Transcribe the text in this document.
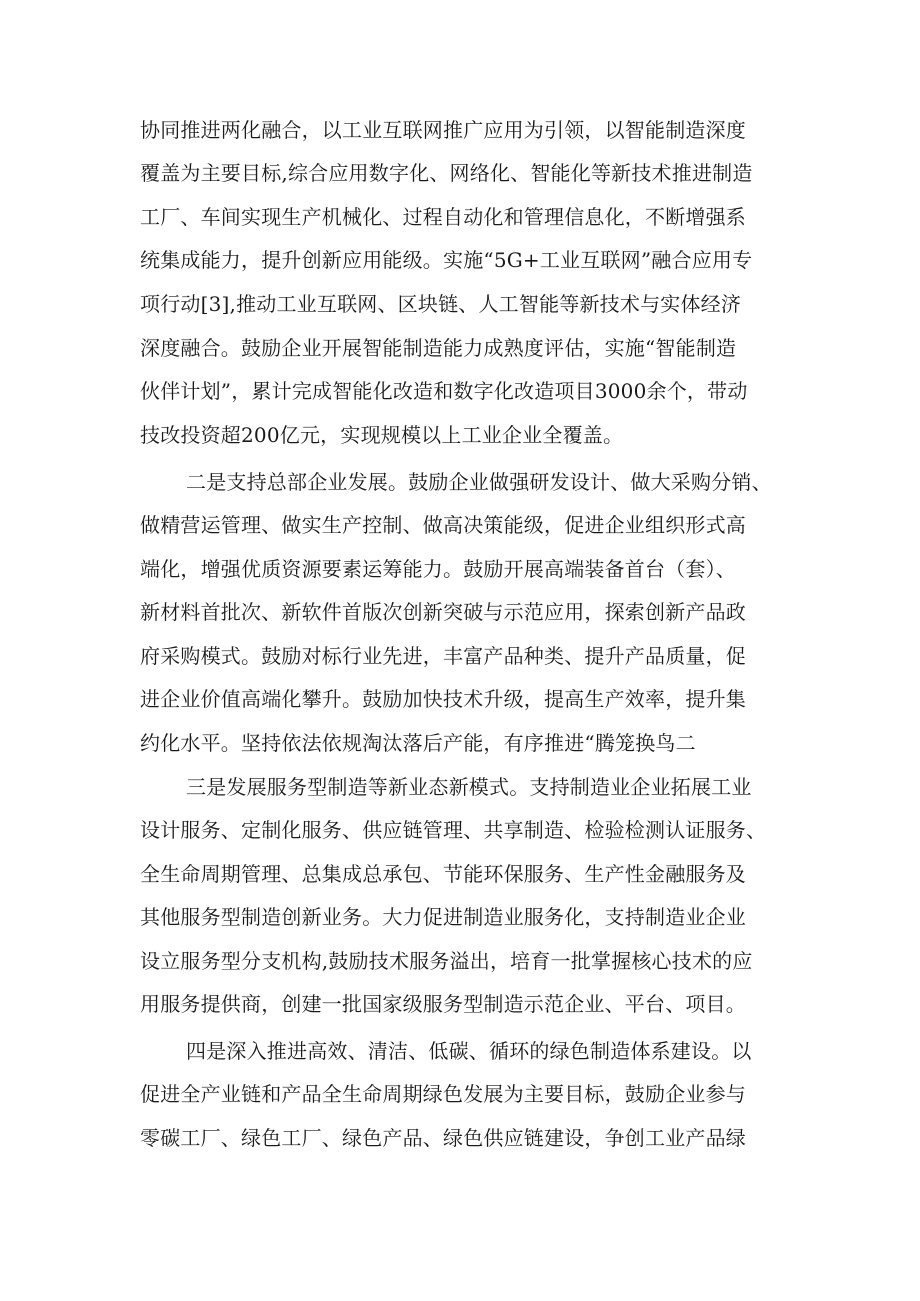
协同推进两化融合，以工业互联网推广应用为引领，以智能制造深度
覆盖为主要目标,综合应用数字化、网络化、智能化等新技术推进制造
工厂、车间实现生产机械化、过程自动化和管理信息化，不断增强系
统集成能力，提升创新应用能级。实施“5G+工业互联网”融合应用专
项行动[3],推动工业互联网、区块链、人工智能等新技术与实体经济
深度融合。鼓励企业开展智能制造能力成熟度评估，实施“智能制造
伙伴计划”，累计完成智能化改造和数字化改造项目3000余个，带动
技改投资超200亿元，实现规模以上工业企业全覆盖。
二是支持总部企业发展。鼓励企业做强研发设计、做大采购分销、
做精营运管理、做实生产控制、做高决策能级，促进企业组织形式高
端化，增强优质资源要素运筹能力。鼓励开展高端装备首台（套）、
新材料首批次、新软件首版次创新突破与示范应用，探索创新产品政
府采购模式。鼓励对标行业先进，丰富产品种类、提升产品质量，促
进企业价值高端化攀升。鼓励加快技术升级，提高生产效率，提升集
约化水平。坚持依法依规淘汰落后产能，有序推进“腾笼换鸟二
三是发展服务型制造等新业态新模式。支持制造业企业拓展工业
设计服务、定制化服务、供应链管理、共享制造、检验检测认证服务、
全生命周期管理、总集成总承包、节能环保服务、生产性金融服务及
其他服务型制造创新业务。大力促进制造业服务化，支持制造业企业
设立服务型分支机构,鼓励技术服务溢出，培育一批掌握核心技术的应
用服务提供商，创建一批国家级服务型制造示范企业、平台、项目。
四是深入推进高效、清洁、低碳、循环的绿色制造体系建设。以
促进全产业链和产品全生命周期绿色发展为主要目标，鼓励企业参与
零碳工厂、绿色工厂、绿色产品、绿色供应链建设，争创工业产品绿
